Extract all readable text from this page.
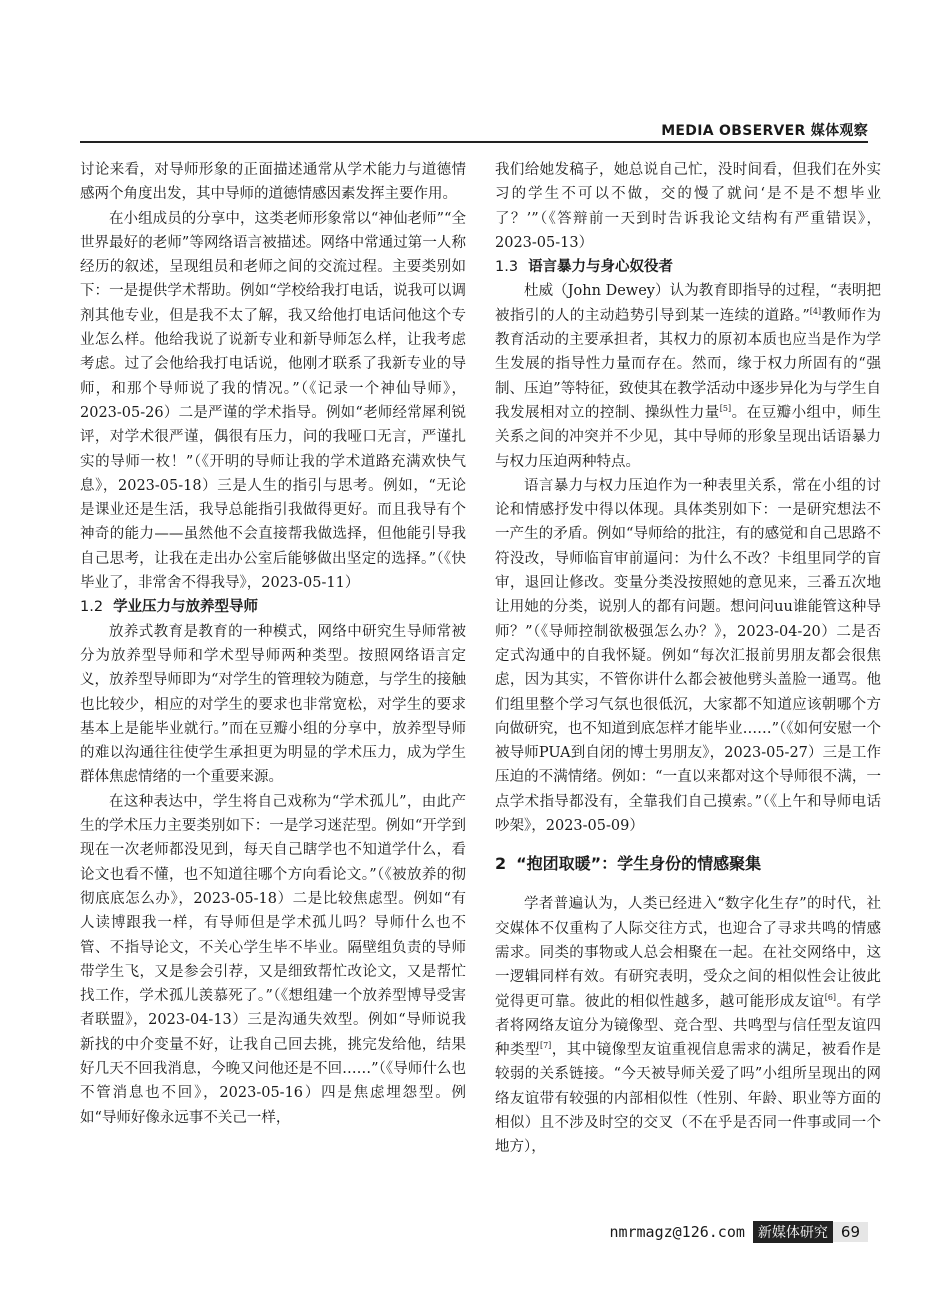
MEDIA OBSERVER 媒体观察

讨论来看，对导师形象的正面描述通常从学术能力与道德情感两个角度出发，其中导师的道德情感因素发挥主要作用。

在小组成员的分享中，这类老师形象常以“神仙老师”“全世界最好的老师”等网络语言被描述。网络中常通过第一人称经历的叙述，呈现组员和老师之间的交流过程。主要类别如下：一是提供学术帮助。例如“学校给我打电话，说我可以调剂其他专业，但是我不太了解，我又给他打电话问他这个专业怎么样。他给我说了说新专业和新导师怎么样，让我考虑考虑。过了会他给我打电话说，他刚才联系了我新专业的导师，和那个导师说了我的情况。”（《记录一个神仙导师》，2023-05-26）二是严谨的学术指导。例如“老师经常犀利锐评，对学术很严谨，偶很有压力，问的我哑口无言，严谨扎实的导师一枚！”（《开明的导师让我的学术道路充满欢快气息》，2023-05-18）三是人生的指引与思考。例如，“无论是课业还是生活，我导总能指引我做得更好。而且我导有个神奇的能力——虽然他不会直接帮我做选择，但他能引导我自己思考，让我在走出办公室后能够做出坚定的选择。”（《快毕业了，非常舍不得我导》，2023-05-11）

1.2 学业压力与放养型导师

放养式教育是教育的一种模式，网络中研究生导师常被分为放养型导师和学术型导师两种类型。按照网络语言定义，放养型导师即为“对学生的管理较为随意，与学生的接触也比较少，相应的对学生的要求也非常宽松，对学生的要求基本上是能毕业就行。”而在豆瓣小组的分享中，放养型导师的难以沟通往往使学生承担更为明显的学术压力，成为学生群体焦虑情绪的一个重要来源。

在这种表达中，学生将自己戏称为“学术孤儿”，由此产生的学术压力主要类别如下：一是学习迷茫型。例如“开学到现在一次老师都没见到，每天自己瞎学也不知道学什么，看论文也看不懂，也不知道往哪个方向看论文。”（《被放养的彻彻底底怎么办》，2023-05-18）二是比较焦虑型。例如“有人读博跟我一样，有导师但是学术孤儿吗？导师什么也不管、不指导论文，不关心学生毕不毕业。隔壁组负责的导师带学生飞，又是参会引荐，又是细致帮忙改论文，又是帮忙找工作，学术孤儿羡慕死了。”（《想组建一个放养型博导受害者联盟》，2023-04-13）三是沟通失效型。例如“导师说我新找的中介变量不好，让我自己回去挑，挑完发给他，结果好几天不回我消息，今晚又问他还是不回……”（《导师什么也不管消息也不回》，2023-05-16）四是焦虑埋怨型。例如“导师好像永远事不关己一样，

我们给她发稿子，她总说自己忙，没时间看，但我们在外实习的学生不可以不做，交的慢了就问‘是不是不想毕业了？’”（《答辩前一天到时告诉我论文结构有严重错误》，2023-05-13）

1.3 语言暴力与身心奴役者

杜威（John Dewey）认为教育即指导的过程，“表明把被指引的人的主动趋势引导到某一连续的道路。”[4]教师作为教育活动的主要承担者，其权力的原初本质也应当是作为学生发展的指导性力量而存在。然而，缘于权力所固有的“强制、压迫”等特征，致使其在教学活动中逐步异化为与学生自我发展相对立的控制、操纵性力量[5]。在豆瓣小组中，师生关系之间的冲突并不少见，其中导师的形象呈现出话语暴力与权力压迫两种特点。

语言暴力与权力压迫作为一种表里关系，常在小组的讨论和情感抒发中得以体现。具体类别如下：一是研究想法不一产生的矛盾。例如“导师给的批注，有的感觉和自己思路不符没改，导师临盲审前逼问：为什么不改？卡组里同学的盲审，退回让修改。变量分类没按照她的意见来，三番五次地让用她的分类，说别人的都有问题。想问问uu谁能管这种导师？”（《导师控制欲极强怎么办？》，2023-04-20）二是否定式沟通中的自我怀疑。例如“每次汇报前男朋友都会很焦虑，因为其实，不管你讲什么都会被他劈头盖脸一通骂。他们组里整个学习气氛也很低沉，大家都不知道应该朝哪个方向做研究，也不知道到底怎样才能毕业……”（《如何安慰一个被导师PUA到自闭的博士男朋友》，2023-05-27）三是工作压迫的不满情绪。例如：“一直以来都对这个导师很不满，一点学术指导都没有，全靠我们自己摸索。”（《上午和导师电话吵架》，2023-05-09）

2 “抱团取暖”：学生身份的情感聚集

学者普遍认为，人类已经进入“数字化生存”的时代，社交媒体不仅重构了人际交往方式，也迎合了寻求共鸣的情感需求。同类的事物或人总会相聚在一起。在社交网络中，这一逻辑同样有效。有研究表明，受众之间的相似性会让彼此觉得更可靠。彼此的相似性越多，越可能形成友谊[6]。有学者将网络友谊分为镜像型、竞合型、共鸣型与信任型友谊四种类型[7]，其中镜像型友谊重视信息需求的满足，被看作是较弱的关系链接。“今天被导师关爱了吗”小组所呈现出的网络友谊带有较强的内部相似性（性别、年龄、职业等方面的相似）且不涉及时空的交叉（不在乎是否同一件事或同一个地方），

nmrmagz@126.com 新媒体研究 69
